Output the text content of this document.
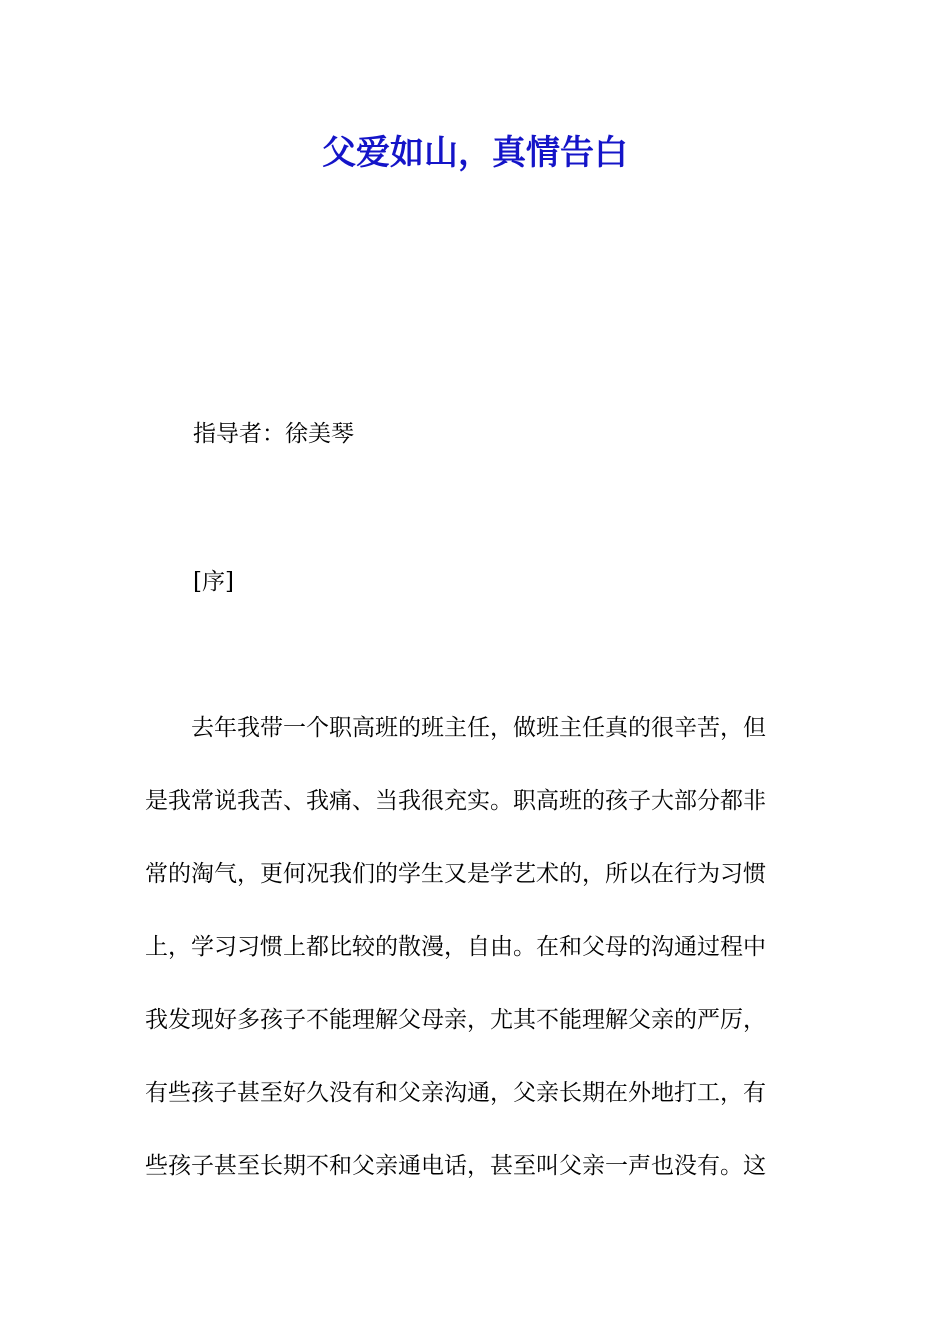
父爱如山，真情告白

指导者：徐美琴

[序]

　　去年我带一个职高班的班主任，做班主任真的很辛苦，但
是我常说我苦、我痛、当我很充实。职高班的孩子大部分都非
常的淘气，更何况我们的学生又是学艺术的，所以在行为习惯
上，学习习惯上都比较的散漫，自由。在和父母的沟通过程中
我发现好多孩子不能理解父母亲，尤其不能理解父亲的严厉，
有些孩子甚至好久没有和父亲沟通，父亲长期在外地打工，有
些孩子甚至长期不和父亲通电话，甚至叫父亲一声也没有。这
